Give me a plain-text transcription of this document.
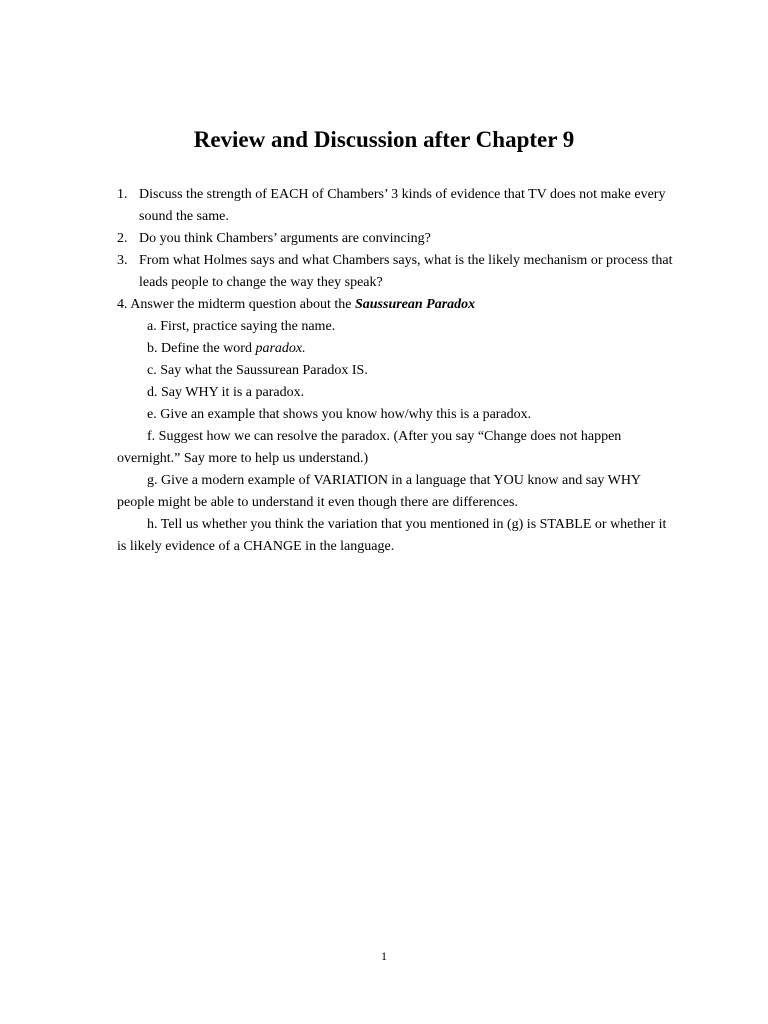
Review and Discussion after Chapter 9
1. Discuss the strength of EACH of Chambers’ 3 kinds of evidence that TV does not make every sound the same.
2. Do you think Chambers’ arguments are convincing?
3. From what Holmes says and what Chambers says, what is the likely mechanism or process that leads people to change the way they speak?
4. Answer the midterm question about the Saussurean Paradox
a. First, practice saying the name.
b. Define the word paradox.
c. Say what the Saussurean Paradox IS.
d. Say WHY it is a paradox.
e. Give an example that shows you know how/why this is a paradox.
f. Suggest how we can resolve the paradox. (After you say “Change does not happen overnight.” Say more to help us understand.)
g. Give a modern example of VARIATION in a language that YOU know and say WHY people might be able to understand it even though there are differences.
h. Tell us whether you think the variation that you mentioned in (g) is STABLE or whether it is likely evidence of a CHANGE in the language.
1
